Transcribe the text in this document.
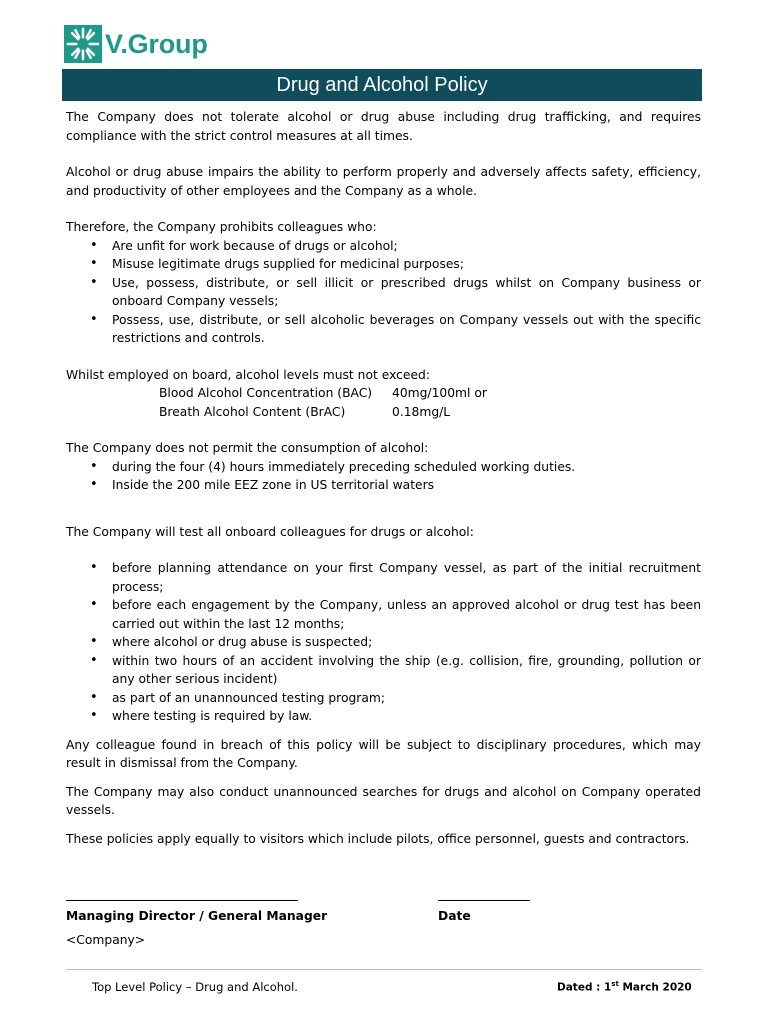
V.Group
Drug and Alcohol Policy

The Company does not tolerate alcohol or drug abuse including drug trafficking, and requires compliance with the strict control measures at all times.

Alcohol or drug abuse impairs the ability to perform properly and adversely affects safety, efficiency, and productivity of other employees and the Company as a whole.

Therefore, the Company prohibits colleagues who:

• Are unfit for work because of drugs or alcohol;
• Misuse legitimate drugs supplied for medicinal purposes;
• Use, possess, distribute, or sell illicit or prescribed drugs whilst on Company business or onboard Company vessels;
• Possess, use, distribute, or sell alcoholic beverages on Company vessels out with the specific restrictions and controls.

Whilst employed on board, alcohol levels must not exceed:

Blood Alcohol Concentration (BAC)	40mg/100ml or
Breath Alcohol Content (BrAC)	0.18mg/L

The Company does not permit the consumption of alcohol:

• during the four (4) hours immediately preceding scheduled working duties.
• Inside the 200 mile EEZ zone in US territorial waters

The Company will test all onboard colleagues for drugs or alcohol:

• before planning attendance on your first Company vessel, as part of the initial recruitment process;
• before each engagement by the Company, unless an approved alcohol or drug test has been carried out within the last 12 months;
• where alcohol or drug abuse is suspected;
• within two hours of an accident involving the ship (e.g. collision, fire, grounding, pollution or any other serious incident)
• as part of an unannounced testing program;
• where testing is required by law.

Any colleague found in breach of this policy will be subject to disciplinary procedures, which may result in dismissal from the Company.

The Company may also conduct unannounced searches for drugs and alcohol on Company operated vessels.

These policies apply equally to visitors which include pilots, office personnel, guests and contractors.

Managing Director / General Manager	Date
<Company>
Top Level Policy – Drug and Alcohol.	Dated : 1st March 2020
